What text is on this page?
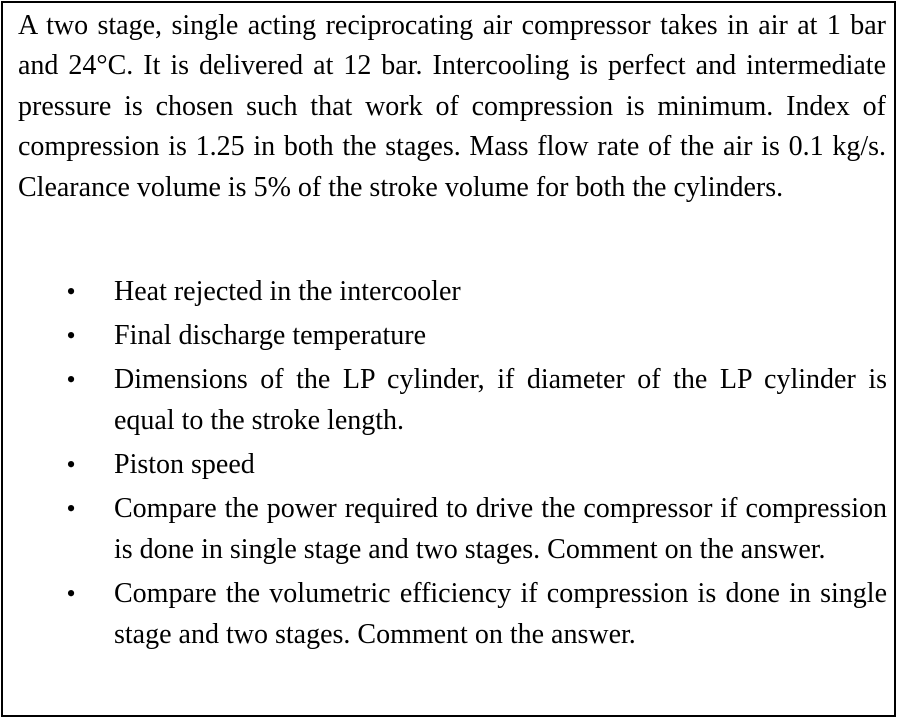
A two stage, single acting reciprocating air compressor takes in air at 1 bar and 24°C. It is delivered at 12 bar. Intercooling is perfect and intermediate pressure is chosen such that work of compression is minimum. Index of compression is 1.25 in both the stages. Mass flow rate of the air is 0.1 kg/s. Clearance volume is 5% of the stroke volume for both the cylinders.

• Heat rejected in the intercooler
• Final discharge temperature
• Dimensions of the LP cylinder, if diameter of the LP cylinder is equal to the stroke length.
• Piston speed
• Compare the power required to drive the compressor if compression is done in single stage and two stages. Comment on the answer.
• Compare the volumetric efficiency if compression is done in single stage and two stages. Comment on the answer.
